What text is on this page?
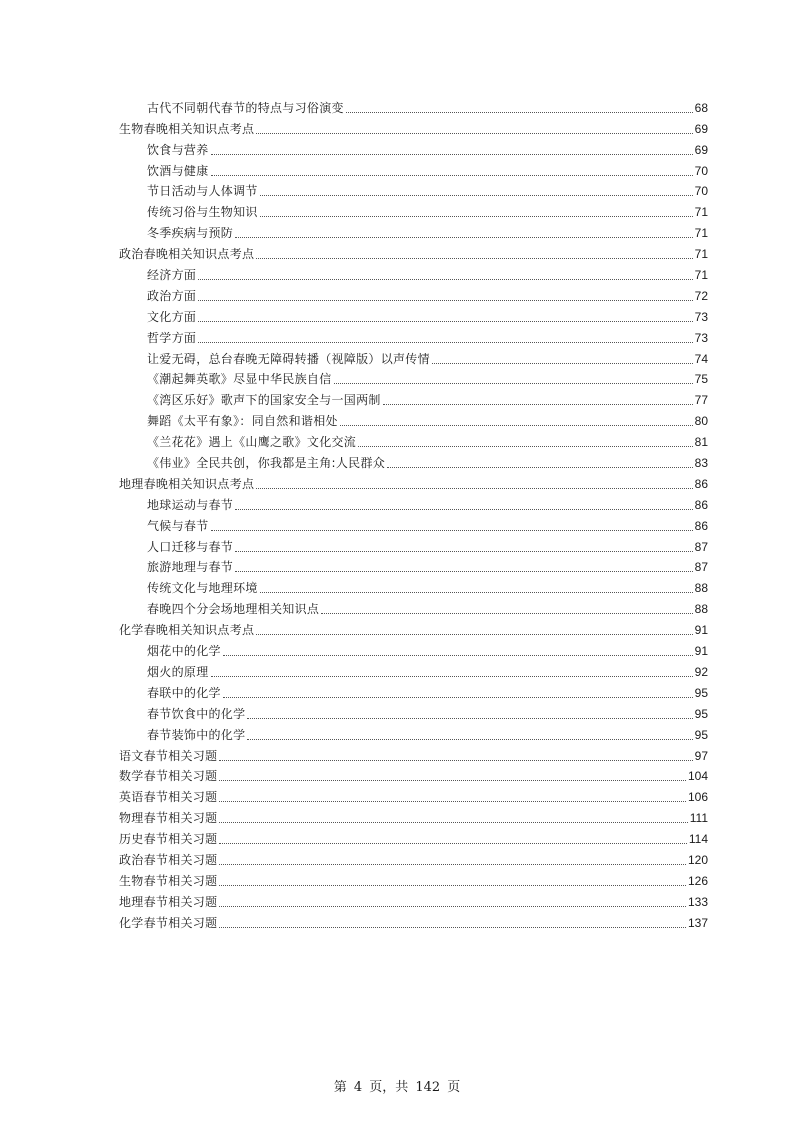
古代不同朝代春节的特点与习俗演变	68
生物春晚相关知识点考点	69
饮食与营养	69
饮酒与健康	70
节日活动与人体调节	70
传统习俗与生物知识	71
冬季疾病与预防	71
政治春晚相关知识点考点	71
经济方面	71
政治方面	72
文化方面	73
哲学方面	73
让爱无碍，总台春晚无障碍转播（视障版）以声传情	74
《潮起舞英歌》尽显中华民族自信	75
《湾区乐好》歌声下的国家安全与一国两制	77
舞蹈《太平有象》：同自然和谐相处	80
《兰花花》遇上《山鹰之歌》文化交流	81
《伟业》全民共创，你我都是主角:人民群众	83
地理春晚相关知识点考点	86
地球运动与春节	86
气候与春节	86
人口迁移与春节	87
旅游地理与春节	87
传统文化与地理环境	88
春晚四个分会场地理相关知识点	88
化学春晚相关知识点考点	91
烟花中的化学	91
烟火的原理	92
春联中的化学	95
春节饮食中的化学	95
春节装饰中的化学	95
语文春节相关习题	97
数学春节相关习题	104
英语春节相关习题	106
物理春节相关习题	111
历史春节相关习题	114
政治春节相关习题	120
生物春节相关习题	126
地理春节相关习题	133
化学春节相关习题	137
第 4 页，共 142 页
